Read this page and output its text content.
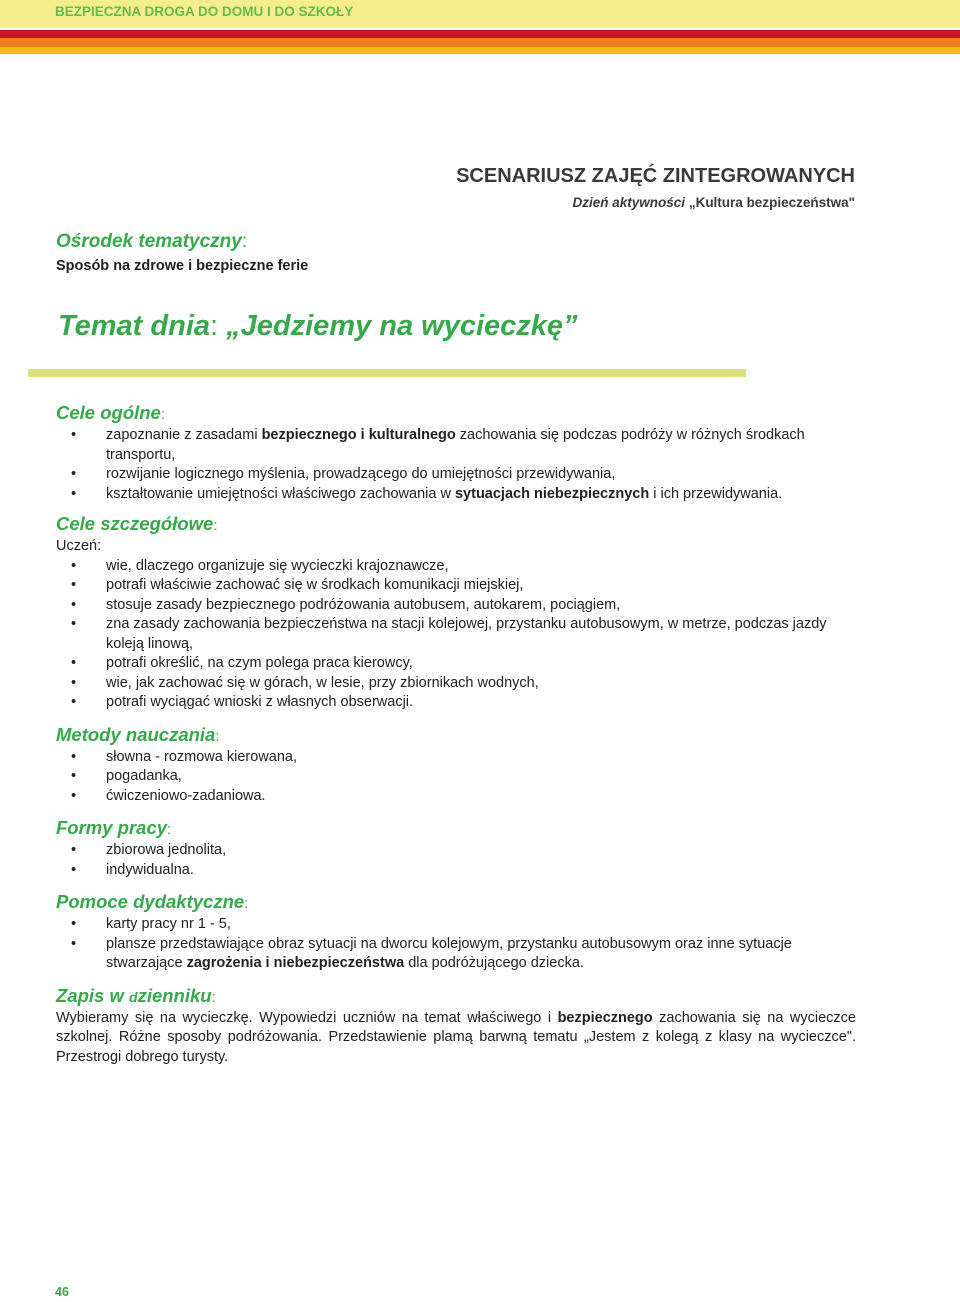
BEZPIECZNA DROGA DO DOMU I DO SZKOŁY
SCENARIUSZ ZAJĘĆ ZINTEGROWANYCH
Dzień aktywności „Kultura bezpieczeństwa"
Ośrodek tematyczny:
Sposób na zdrowe i bezpieczne ferie
Temat dnia: „Jedziemy na wycieczkę”
Cele ogólne:
• zapoznanie z zasadami bezpiecznego i kulturalnego zachowania się podczas podróży w różnych środkach transportu,
• rozwijanie logicznego myślenia, prowadzącego do umiejętności przewidywania,
• kształtowanie umiejętności właściwego zachowania w sytuacjach niebezpiecznych i ich przewidywania.
Cele szczegółowe:

Uczeń:

• wie, dlaczego organizuje się wycieczki krajoznawcze,
• potrafi właściwie zachować się w środkach komunikacji miejskiej,
• stosuje zasady bezpiecznego podróżowania autobusem, autokarem, pociągiem,
• zna zasady zachowania bezpieczeństwa na stacji kolejowej, przystanku autobusowym, w metrze, podczas jazdy koleją linową,
• potrafi określić, na czym polega praca kierowcy,
• wie, jak zachować się w górach, w lesie, przy zbiornikach wodnych,
• potrafi wyciągać wnioski z własnych obserwacji.
Metody nauczania:
• słowna - rozmowa kierowana,
• pogadanka,
• ćwiczeniowo-zadaniowa.
Formy pracy:
• zbiorowa jednolita,
• indywidualna.
Pomoce dydaktyczne:
• karty pracy nr 1 - 5,
• plansze przedstawiające obraz sytuacji na dworcu kolejowym, przystanku autobusowym oraz inne sytuacje stwarzające zagrożenia i niebezpieczeństwa dla podróżującego dziecka.
Zapis w dzienniku:

Wybieramy się na wycieczkę. Wypowiedzi uczniów na temat właściwego i bezpiecznego zachowania się na wycieczce szkolnej. Różne sposoby podróżowania. Przedstawienie plamą barwną tematu „Jestem z kolegą z klasy na wycieczce". Przestrogi dobrego turysty.

46
